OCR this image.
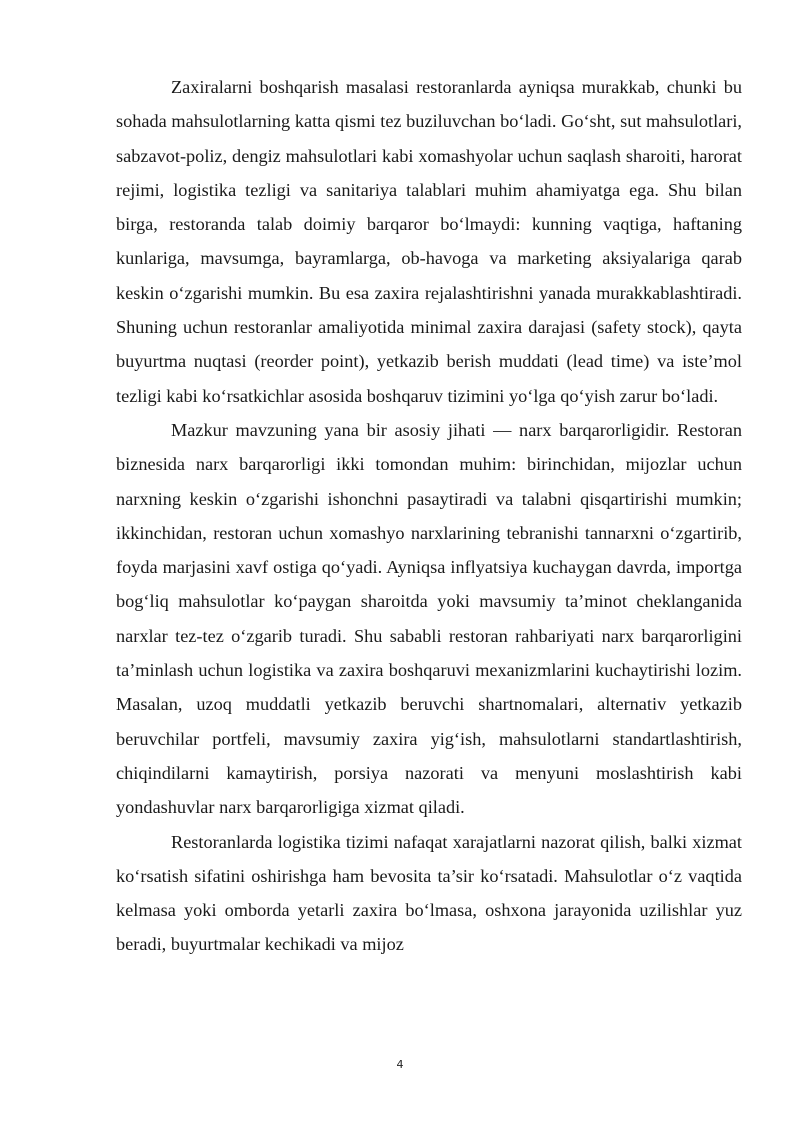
Zaxiralarni boshqarish masalasi restoranlarda ayniqsa murakkab, chunki bu sohada mahsulotlarning katta qismi tez buziluvchan bo‘ladi. Go‘sht, sut mahsulotlari, sabzavot-poliz, dengiz mahsulotlari kabi xomashyolar uchun saqlash sharoiti, harorat rejimi, logistika tezligi va sanitariya talablari muhim ahamiyatga ega. Shu bilan birga, restoranda talab doimiy barqaror bo‘lmaydi: kunning vaqtiga, haftaning kunlariga, mavsumga, bayramlarga, ob-havoga va marketing aksiyalariga qarab keskin o‘zgarishi mumkin. Bu esa zaxira rejalashtirishni yanada murakkablashtiradi. Shuning uchun restoranlar amaliyotida minimal zaxira darajasi (safety stock), qayta buyurtma nuqtasi (reorder point), yetkazib berish muddati (lead time) va iste’mol tezligi kabi ko‘rsatkichlar asosida boshqaruv tizimini yo‘lga qo‘yish zarur bo‘ladi.

Mazkur mavzuning yana bir asosiy jihati — narx barqarorligidir. Restoran biznesida narx barqarorligi ikki tomondan muhim: birinchidan, mijozlar uchun narxning keskin o‘zgarishi ishonchni pasaytiradi va talabni qisqartirishi mumkin; ikkinchidan, restoran uchun xomashyo narxlarining tebranishi tannarxni o‘zgartirib, foyda marjasini xavf ostiga qo‘yadi. Ayniqsa inflyatsiya kuchaygan davrda, importga bog‘liq mahsulotlar ko‘paygan sharoitda yoki mavsumiy ta’minot cheklanganida narxlar tez-tez o‘zgarib turadi. Shu sababli restoran rahbariyati narx barqarorligini ta’minlash uchun logistika va zaxira boshqaruvi mexanizmlarini kuchaytirishi lozim. Masalan, uzoq muddatli yetkazib beruvchi shartnomalari, alternativ yetkazib beruvchilar portfeli, mavsumiy zaxira yig‘ish, mahsulotlarni standartlashtirish, chiqindilarni kamaytirish, porsiya nazorati va menyuni moslashtirish kabi yondashuvlar narx barqarorligiga xizmat qiladi.

Restoranlarda logistika tizimi nafaqat xarajatlarni nazorat qilish, balki xizmat ko‘rsatish sifatini oshirishga ham bevosita ta’sir ko‘rsatadi. Mahsulotlar o‘z vaqtida kelmasa yoki omborda yetarli zaxira bo‘lmasa, oshxona jarayonida uzilishlar yuz beradi, buyurtmalar kechikadi va mijoz

4
